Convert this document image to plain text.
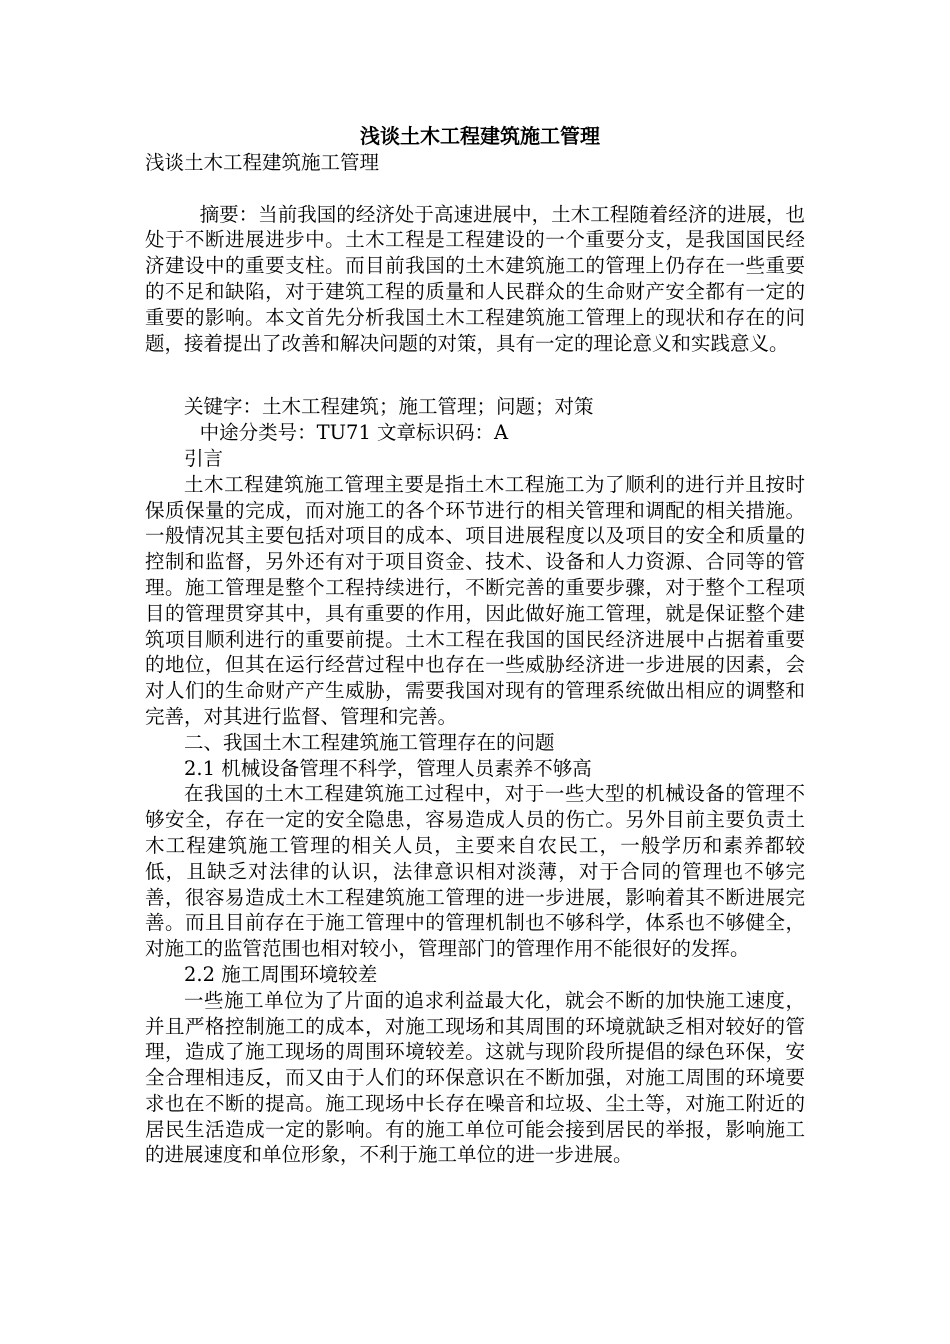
浅谈土木工程建筑施工管理
浅谈土木工程建筑施工管理

摘要：当前我国的经济处于高速进展中，土木工程随着经济的进展，也处于不断进展进步中。土木工程是工程建设的一个重要分支，是我国国民经济建设中的重要支柱。而目前我国的土木建筑施工的管理上仍存在一些重要的不足和缺陷，对于建筑工程的质量和人民群众的生命财产安全都有一定的重要的影响。本文首先分析我国土木工程建筑施工管理上的现状和存在的问题，接着提出了改善和解决问题的对策，具有一定的理论意义和实践意义。

关键字：土木工程建筑；施工管理；问题；对策

中途分类号：TU71 文章标识码：A

引言

土木工程建筑施工管理主要是指土木工程施工为了顺利的进行并且按时保质保量的完成，而对施工的各个环节进行的相关管理和调配的相关措施。一般情况其主要包括对项目的成本、项目进展程度以及项目的安全和质量的控制和监督，另外还有对于项目资金、技术、设备和人力资源、合同等的管理。施工管理是整个工程持续进行，不断完善的重要步骤，对于整个工程项目的管理贯穿其中，具有重要的作用，因此做好施工管理，就是保证整个建筑项目顺利进行的重要前提。土木工程在我国的国民经济进展中占据着重要的地位，但其在运行经营过程中也存在一些威胁经济进一步进展的因素，会对人们的生命财产产生威胁，需要我国对现有的管理系统做出相应的调整和完善，对其进行监督、管理和完善。

二、我国土木工程建筑施工管理存在的问题

2.1 机械设备管理不科学，管理人员素养不够高

在我国的土木工程建筑施工过程中，对于一些大型的机械设备的管理不够安全，存在一定的安全隐患，容易造成人员的伤亡。另外目前主要负责土木工程建筑施工管理的相关人员，主要来自农民工，一般学历和素养都较低，且缺乏对法律的认识，法律意识相对淡薄，对于合同的管理也不够完善，很容易造成土木工程建筑施工管理的进一步进展，影响着其不断进展完善。而且目前存在于施工管理中的管理机制也不够科学，体系也不够健全，对施工的监管范围也相对较小，管理部门的管理作用不能很好的发挥。

2.2 施工周围环境较差

一些施工单位为了片面的追求利益最大化，就会不断的加快施工速度，并且严格控制施工的成本，对施工现场和其周围的环境就缺乏相对较好的管理，造成了施工现场的周围环境较差。这就与现阶段所提倡的绿色环保，安全合理相违反，而又由于人们的环保意识在不断加强，对施工周围的环境要求也在不断的提高。施工现场中长存在噪音和垃圾、尘土等，对施工附近的居民生活造成一定的影响。有的施工单位可能会接到居民的举报，影响施工的进展速度和单位形象，不利于施工单位的进一步进展。
